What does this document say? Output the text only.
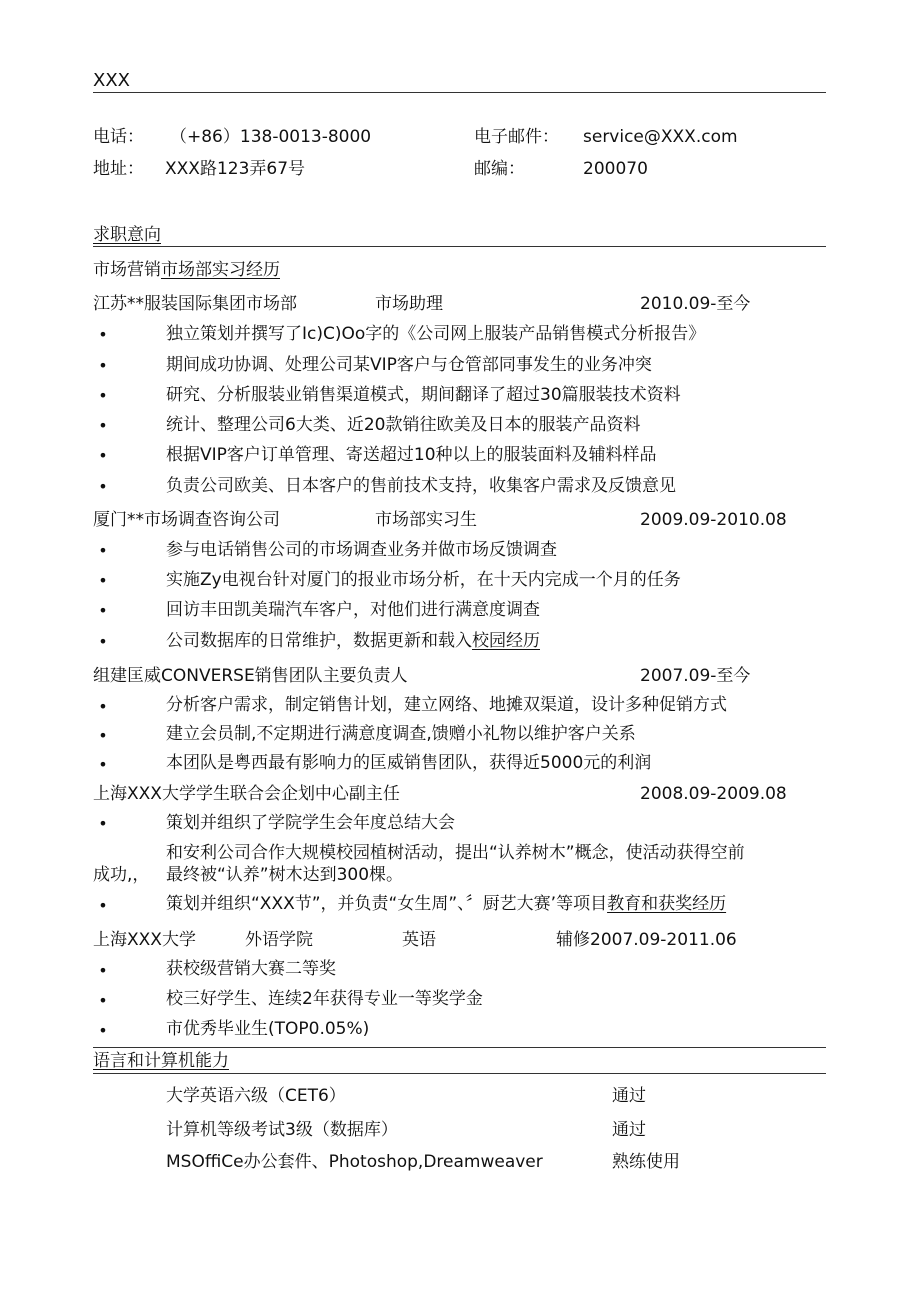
XXX
电话： （+86）138-0013-8000	电子邮件： service@XXX.com
地址： XXX路123弄67号	邮编：	200070
求职意向
市场营销市场部实习经历
江苏**服装国际集团市场部	市场助理	2010.09-至今
•	独立策划并撰写了Ic)C)Oo字的《公司网上服装产品销售模式分析报告》
•	期间成功协调、处理公司某VIP客户与仓管部同事发生的业务冲突
•	研究、分析服装业销售渠道模式，期间翻译了超过30篇服装技术资料
•	统计、整理公司6大类、近20款销往欧美及日本的服装产品资料
•	根据VIP客户订单管理、寄送超过10种以上的服装面料及辅料样品
•	负责公司欧美、日本客户的售前技术支持，收集客户需求及反馈意见
厦门**市场调查咨询公司	市场部实习生	2009.09-2010.08
•	参与电话销售公司的市场调查业务并做市场反馈调查
•	实施Zy电视台针对厦门的报业市场分析，在十天内完成一个月的任务
•	回访丰田凯美瑞汽车客户，对他们进行满意度调查
•	公司数据库的日常维护，数据更新和载入校园经历
组建匡威CONVERSE销售团队主要负责人	2007.09-至今
•	分析客户需求，制定销售计划，建立网络、地摊双渠道，设计多种促销方式
•	建立会员制,不定期进行满意度调查,馈赠小礼物以维护客户关系
•	本团队是粤西最有影响力的匡威销售团队，获得近5000元的利润
上海XXX大学学生联合会企划中心副主任	2008.09-2009.08
•	策划并组织了学院学生会年度总结大会
和安利公司合作大规模校园植树活动，提出“认养树木”概念，使活动获得空前
成功,， 最终被“认养”树木达到300棵。
•	策划并组织“XXX节”，并负责“女生周”、〞厨艺大赛’等项目教育和获奖经历
上海XXX大学	外语学院	英语	辅修2007.09-2011.06
•	获校级营销大赛二等奖
•	校三好学生、连续2年获得专业一等奖学金
•	市优秀毕业生(TOP0.05%)
语言和计算机能力
大学英语六级（CET6）	通过
计算机等级考试3级（数据库）	通过
MSOffiCe办公套件、Photoshop,Dreamweaver	熟练使用
